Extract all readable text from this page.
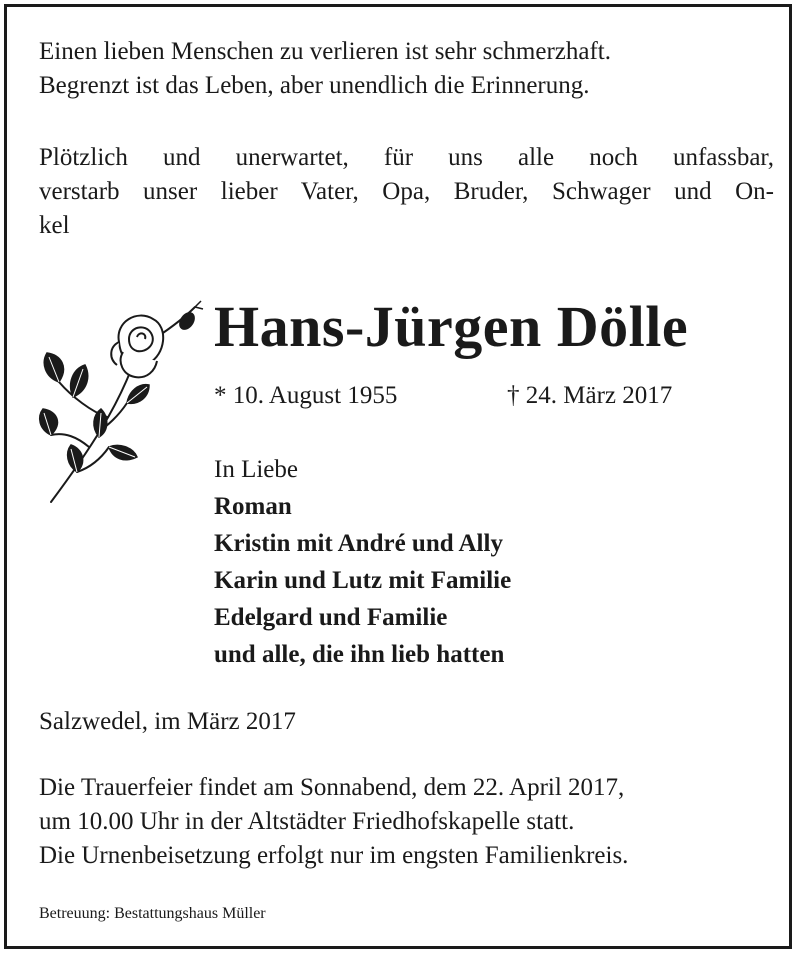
Einen lieben Menschen zu verlieren ist sehr schmerzhaft.
Begrenzt ist das Leben, aber unendlich die Erinnerung.

Plötzlich und unerwartet, für uns alle noch unfassbar,

verstarb unser lieber Vater, Opa, Bruder, Schwager und On-

kel

Hans-Jürgen Dölle
* 10. August 1955	† 24. März 2017
In Liebe
Roman
Kristin mit André und Ally
Karin und Lutz mit Familie
Edelgard und Familie
und alle, die ihn lieb hatten

Salzwedel, im März 2017

Die Trauerfeier findet am Sonnabend, dem 22. April 2017,
um 10.00 Uhr in der Altstädter Friedhofskapelle statt.
Die Urnenbeisetzung erfolgt nur im engsten Familienkreis.

Betreuung: Bestattungshaus Müller
